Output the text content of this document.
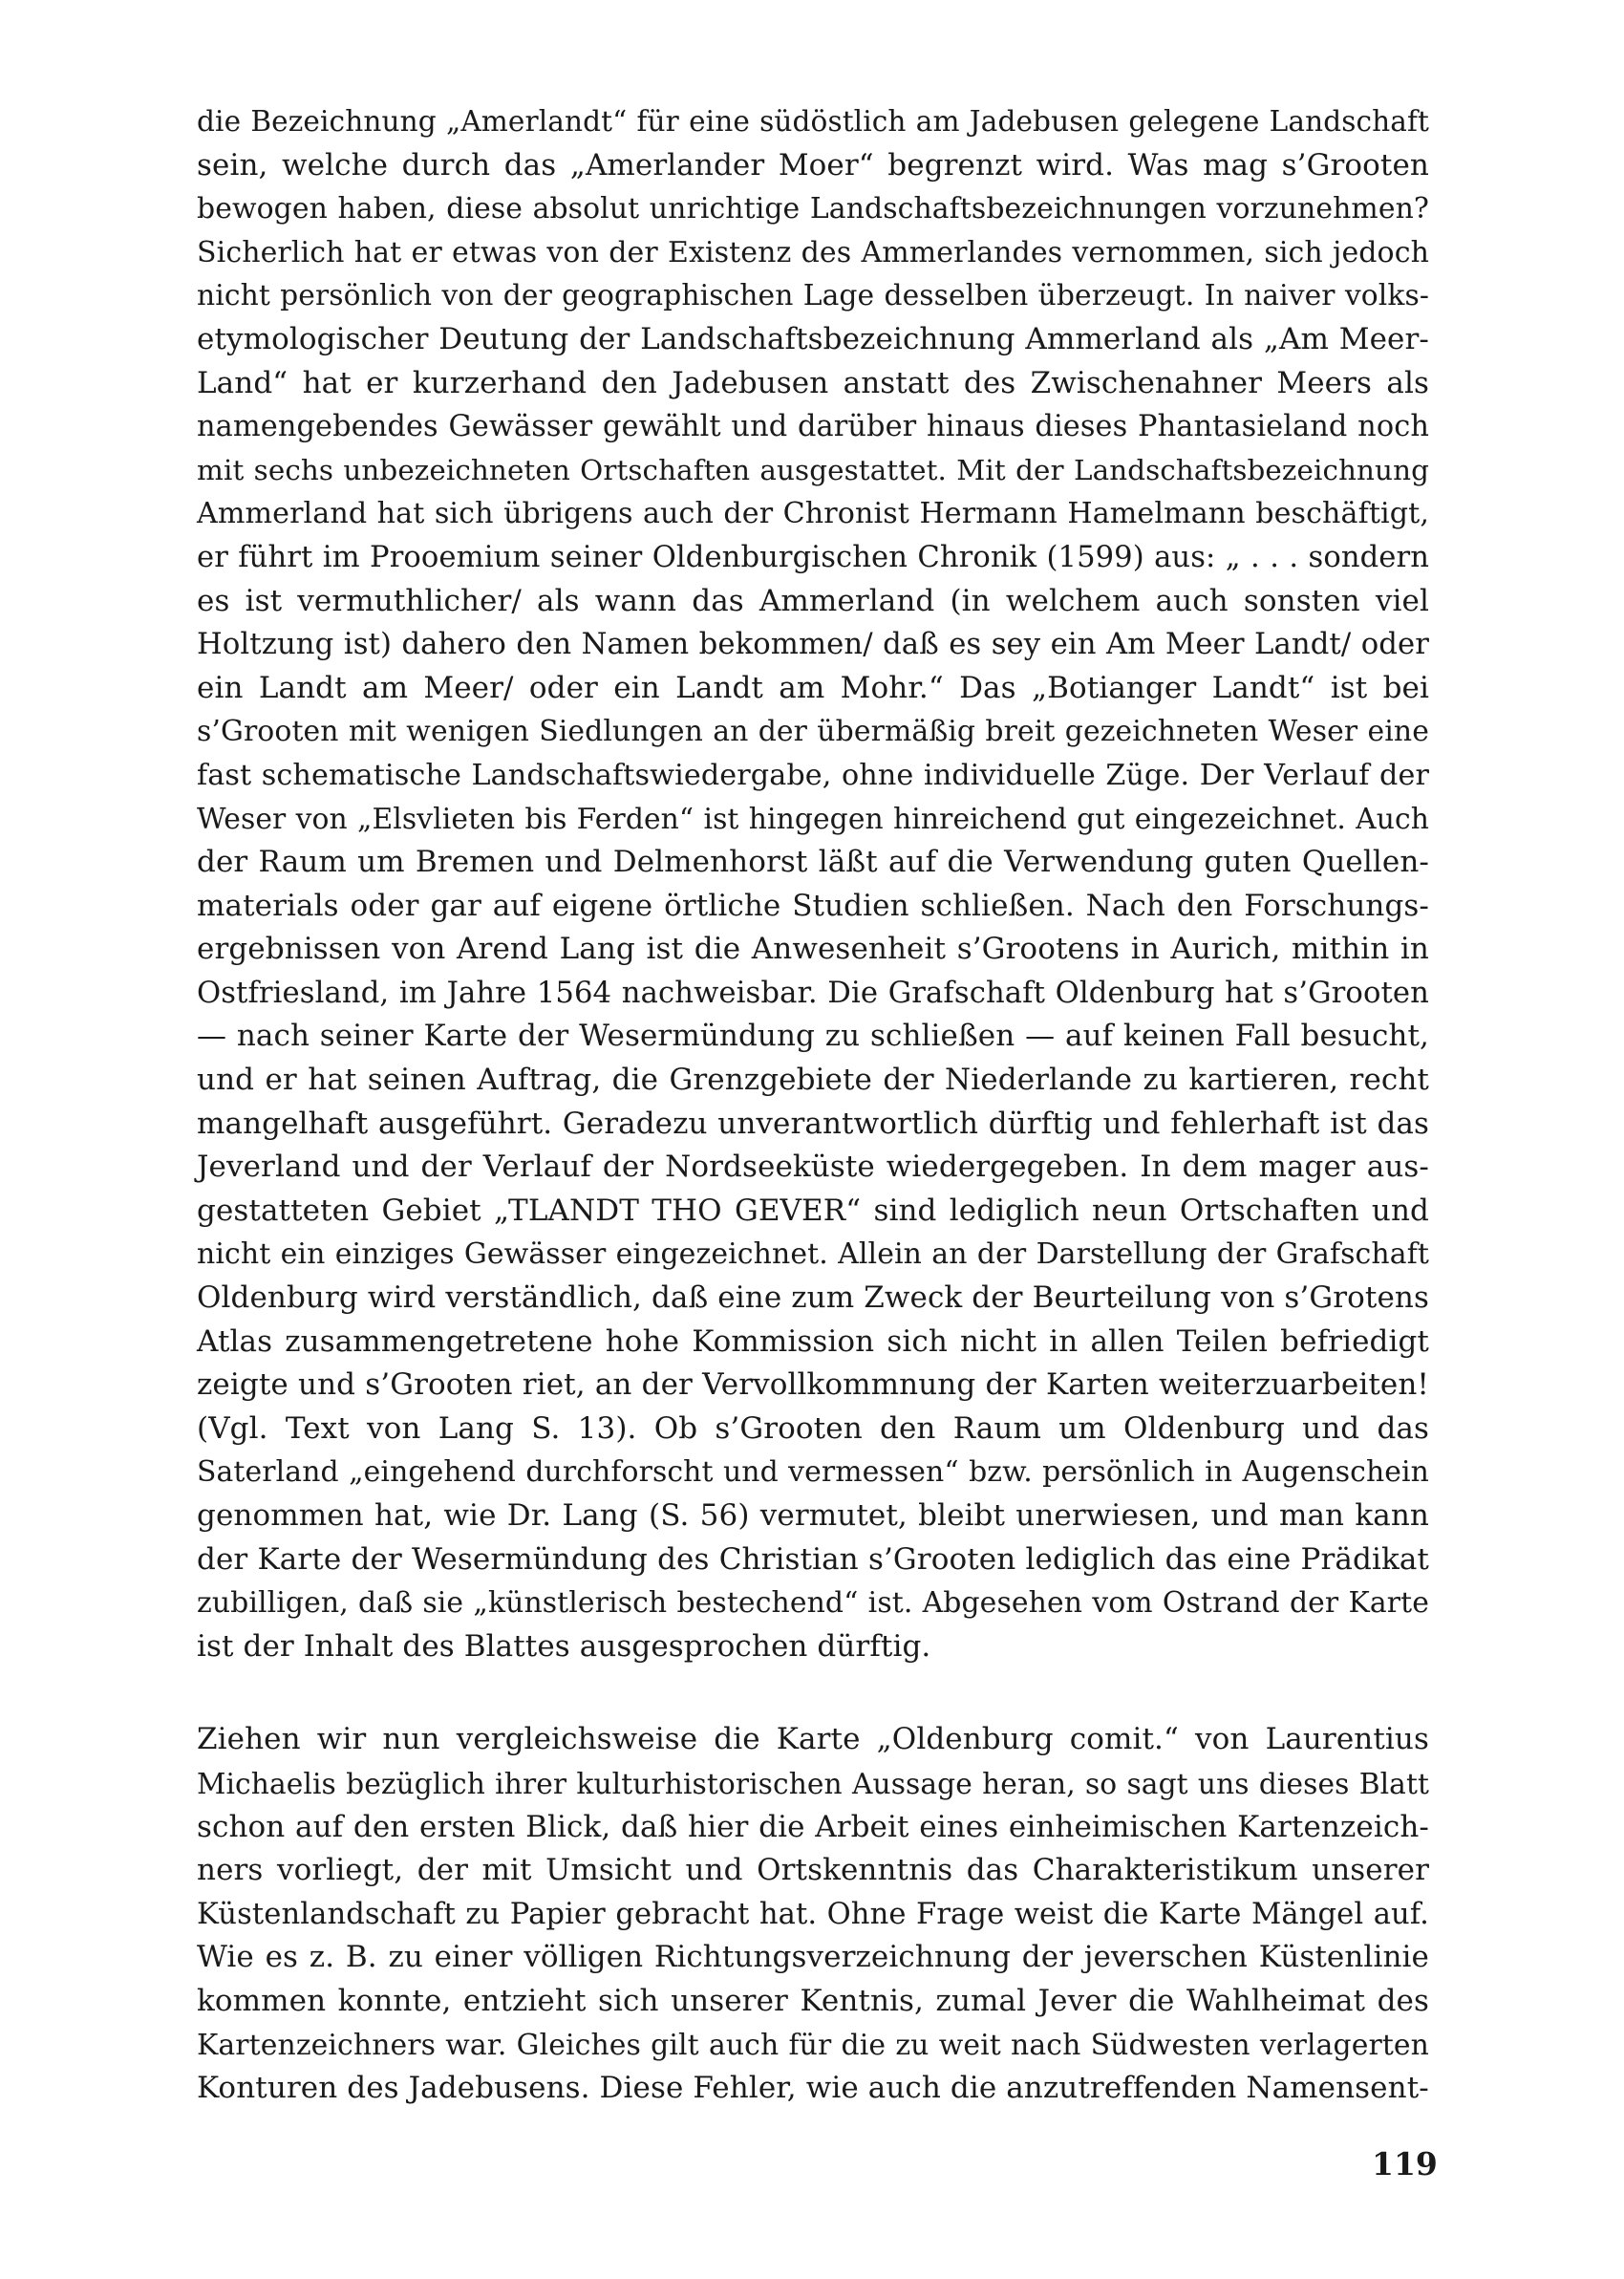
die Bezeichnung „Amerlandt“ für eine südöstlich am Jadebusen gelegene Landschaft
sein, welche durch das „Amerlander Moer“ begrenzt wird. Was mag s’Grooten
bewogen haben, diese absolut unrichtige Landschaftsbezeichnungen vorzunehmen?
Sicherlich hat er etwas von der Existenz des Ammerlandes vernommen, sich jedoch
nicht persönlich von der geographischen Lage desselben überzeugt. In naiver volks-
etymologischer Deutung der Landschaftsbezeichnung Ammerland als „Am Meer-
Land“ hat er kurzerhand den Jadebusen anstatt des Zwischenahner Meers als
namengebendes Gewässer gewählt und darüber hinaus dieses Phantasieland noch
mit sechs unbezeichneten Ortschaften ausgestattet. Mit der Landschaftsbezeichnung
Ammerland hat sich übrigens auch der Chronist Hermann Hamelmann beschäftigt,
er führt im Prooemium seiner Oldenburgischen Chronik (1599) aus: „ . . . sondern
es ist vermuthlicher/ als wann das Ammerland (in welchem auch sonsten viel
Holtzung ist) dahero den Namen bekommen/ daß es sey ein Am Meer Landt/ oder
ein Landt am Meer/ oder ein Landt am Mohr.“ Das „Botianger Landt“ ist bei
s’Grooten mit wenigen Siedlungen an der übermäßig breit gezeichneten Weser eine
fast schematische Landschaftswiedergabe, ohne individuelle Züge. Der Verlauf der
Weser von „Elsvlieten bis Ferden“ ist hingegen hinreichend gut eingezeichnet. Auch
der Raum um Bremen und Delmenhorst läßt auf die Verwendung guten Quellen-
materials oder gar auf eigene örtliche Studien schließen. Nach den Forschungs-
ergebnissen von Arend Lang ist die Anwesenheit s’Grootens in Aurich, mithin in
Ostfriesland, im Jahre 1564 nachweisbar. Die Grafschaft Oldenburg hat s’Grooten
— nach seiner Karte der Wesermündung zu schließen — auf keinen Fall besucht,
und er hat seinen Auftrag, die Grenzgebiete der Niederlande zu kartieren, recht
mangelhaft ausgeführt. Geradezu unverantwortlich dürftig und fehlerhaft ist das
Jeverland und der Verlauf der Nordseeküste wiedergegeben. In dem mager aus-
gestatteten Gebiet „TLANDT THO GEVER“ sind lediglich neun Ortschaften und
nicht ein einziges Gewässer eingezeichnet. Allein an der Darstellung der Grafschaft
Oldenburg wird verständlich, daß eine zum Zweck der Beurteilung von s’Grotens
Atlas zusammengetretene hohe Kommission sich nicht in allen Teilen befriedigt
zeigte und s’Grooten riet, an der Vervollkommnung der Karten weiterzuarbeiten!
(Vgl. Text von Lang S. 13). Ob s’Grooten den Raum um Oldenburg und das
Saterland „eingehend durchforscht und vermessen“ bzw. persönlich in Augenschein
genommen hat, wie Dr. Lang (S. 56) vermutet, bleibt unerwiesen, und man kann
der Karte der Wesermündung des Christian s’Grooten lediglich das eine Prädikat
zubilligen, daß sie „künstlerisch bestechend“ ist. Abgesehen vom Ostrand der Karte
ist der Inhalt des Blattes ausgesprochen dürftig.
Ziehen wir nun vergleichsweise die Karte „Oldenburg comit.“ von Laurentius
Michaelis bezüglich ihrer kulturhistorischen Aussage heran, so sagt uns dieses Blatt
schon auf den ersten Blick, daß hier die Arbeit eines einheimischen Kartenzeich-
ners vorliegt, der mit Umsicht und Ortskenntnis das Charakteristikum unserer
Küstenlandschaft zu Papier gebracht hat. Ohne Frage weist die Karte Mängel auf.
Wie es z. B. zu einer völligen Richtungsverzeichnung der jeverschen Küstenlinie
kommen konnte, entzieht sich unserer Kentnis, zumal Jever die Wahlheimat des
Kartenzeichners war. Gleiches gilt auch für die zu weit nach Südwesten verlagerten
Konturen des Jadebusens. Diese Fehler, wie auch die anzutreffenden Namensent-
119
